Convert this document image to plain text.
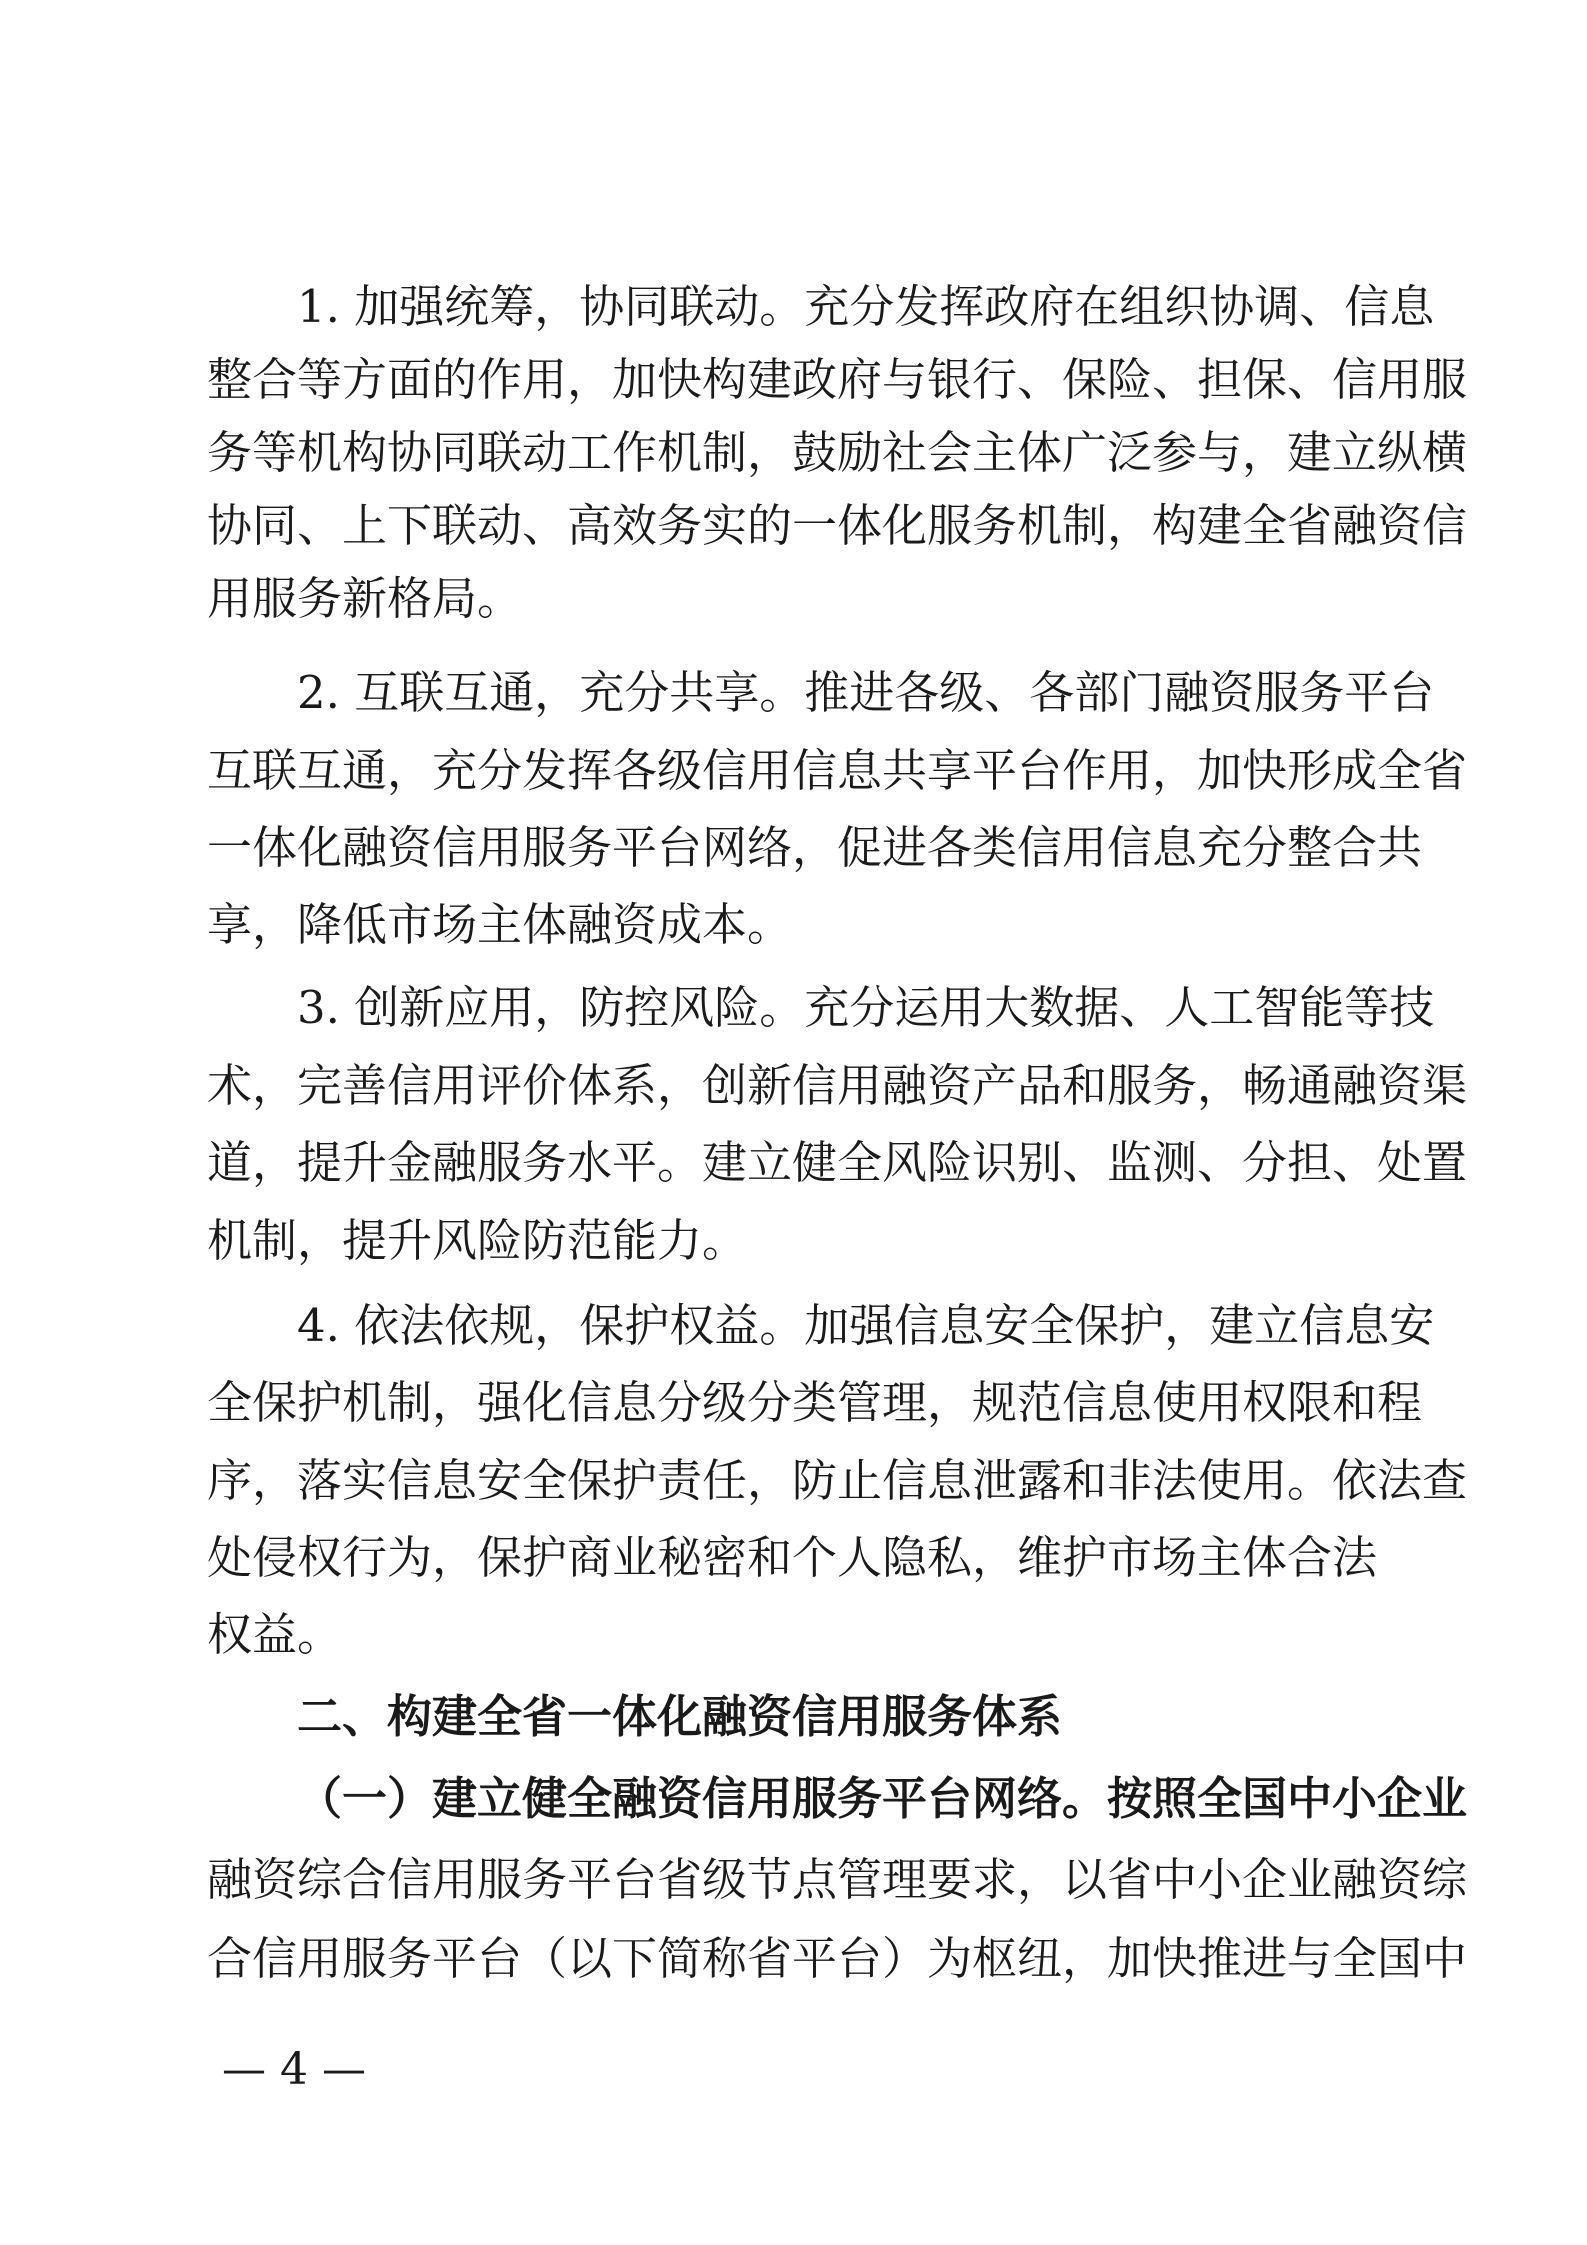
1. 加强统筹，协同联动。充分发挥政府在组织协调、信息
整合等方面的作用，加快构建政府与银行、保险、担保、信用服
务等机构协同联动工作机制，鼓励社会主体广泛参与，建立纵横
协同、上下联动、高效务实的一体化服务机制，构建全省融资信
用服务新格局。
2. 互联互通，充分共享。推进各级、各部门融资服务平台
互联互通，充分发挥各级信用信息共享平台作用，加快形成全省
一体化融资信用服务平台网络，促进各类信用信息充分整合共
享，降低市场主体融资成本。
3. 创新应用，防控风险。充分运用大数据、人工智能等技
术，完善信用评价体系，创新信用融资产品和服务，畅通融资渠
道，提升金融服务水平。建立健全风险识别、监测、分担、处置
机制，提升风险防范能力。
4. 依法依规，保护权益。加强信息安全保护，建立信息安
全保护机制，强化信息分级分类管理，规范信息使用权限和程
序，落实信息安全保护责任，防止信息泄露和非法使用。依法查
处侵权行为，保护商业秘密和个人隐私，维护市场主体合法
权益。
二、构建全省一体化融资信用服务体系
（一）建立健全融资信用服务平台网络。按照全国中小企业
融资综合信用服务平台省级节点管理要求，以省中小企业融资综
合信用服务平台（以下简称省平台）为枢纽，加快推进与全国中
— 4 —
